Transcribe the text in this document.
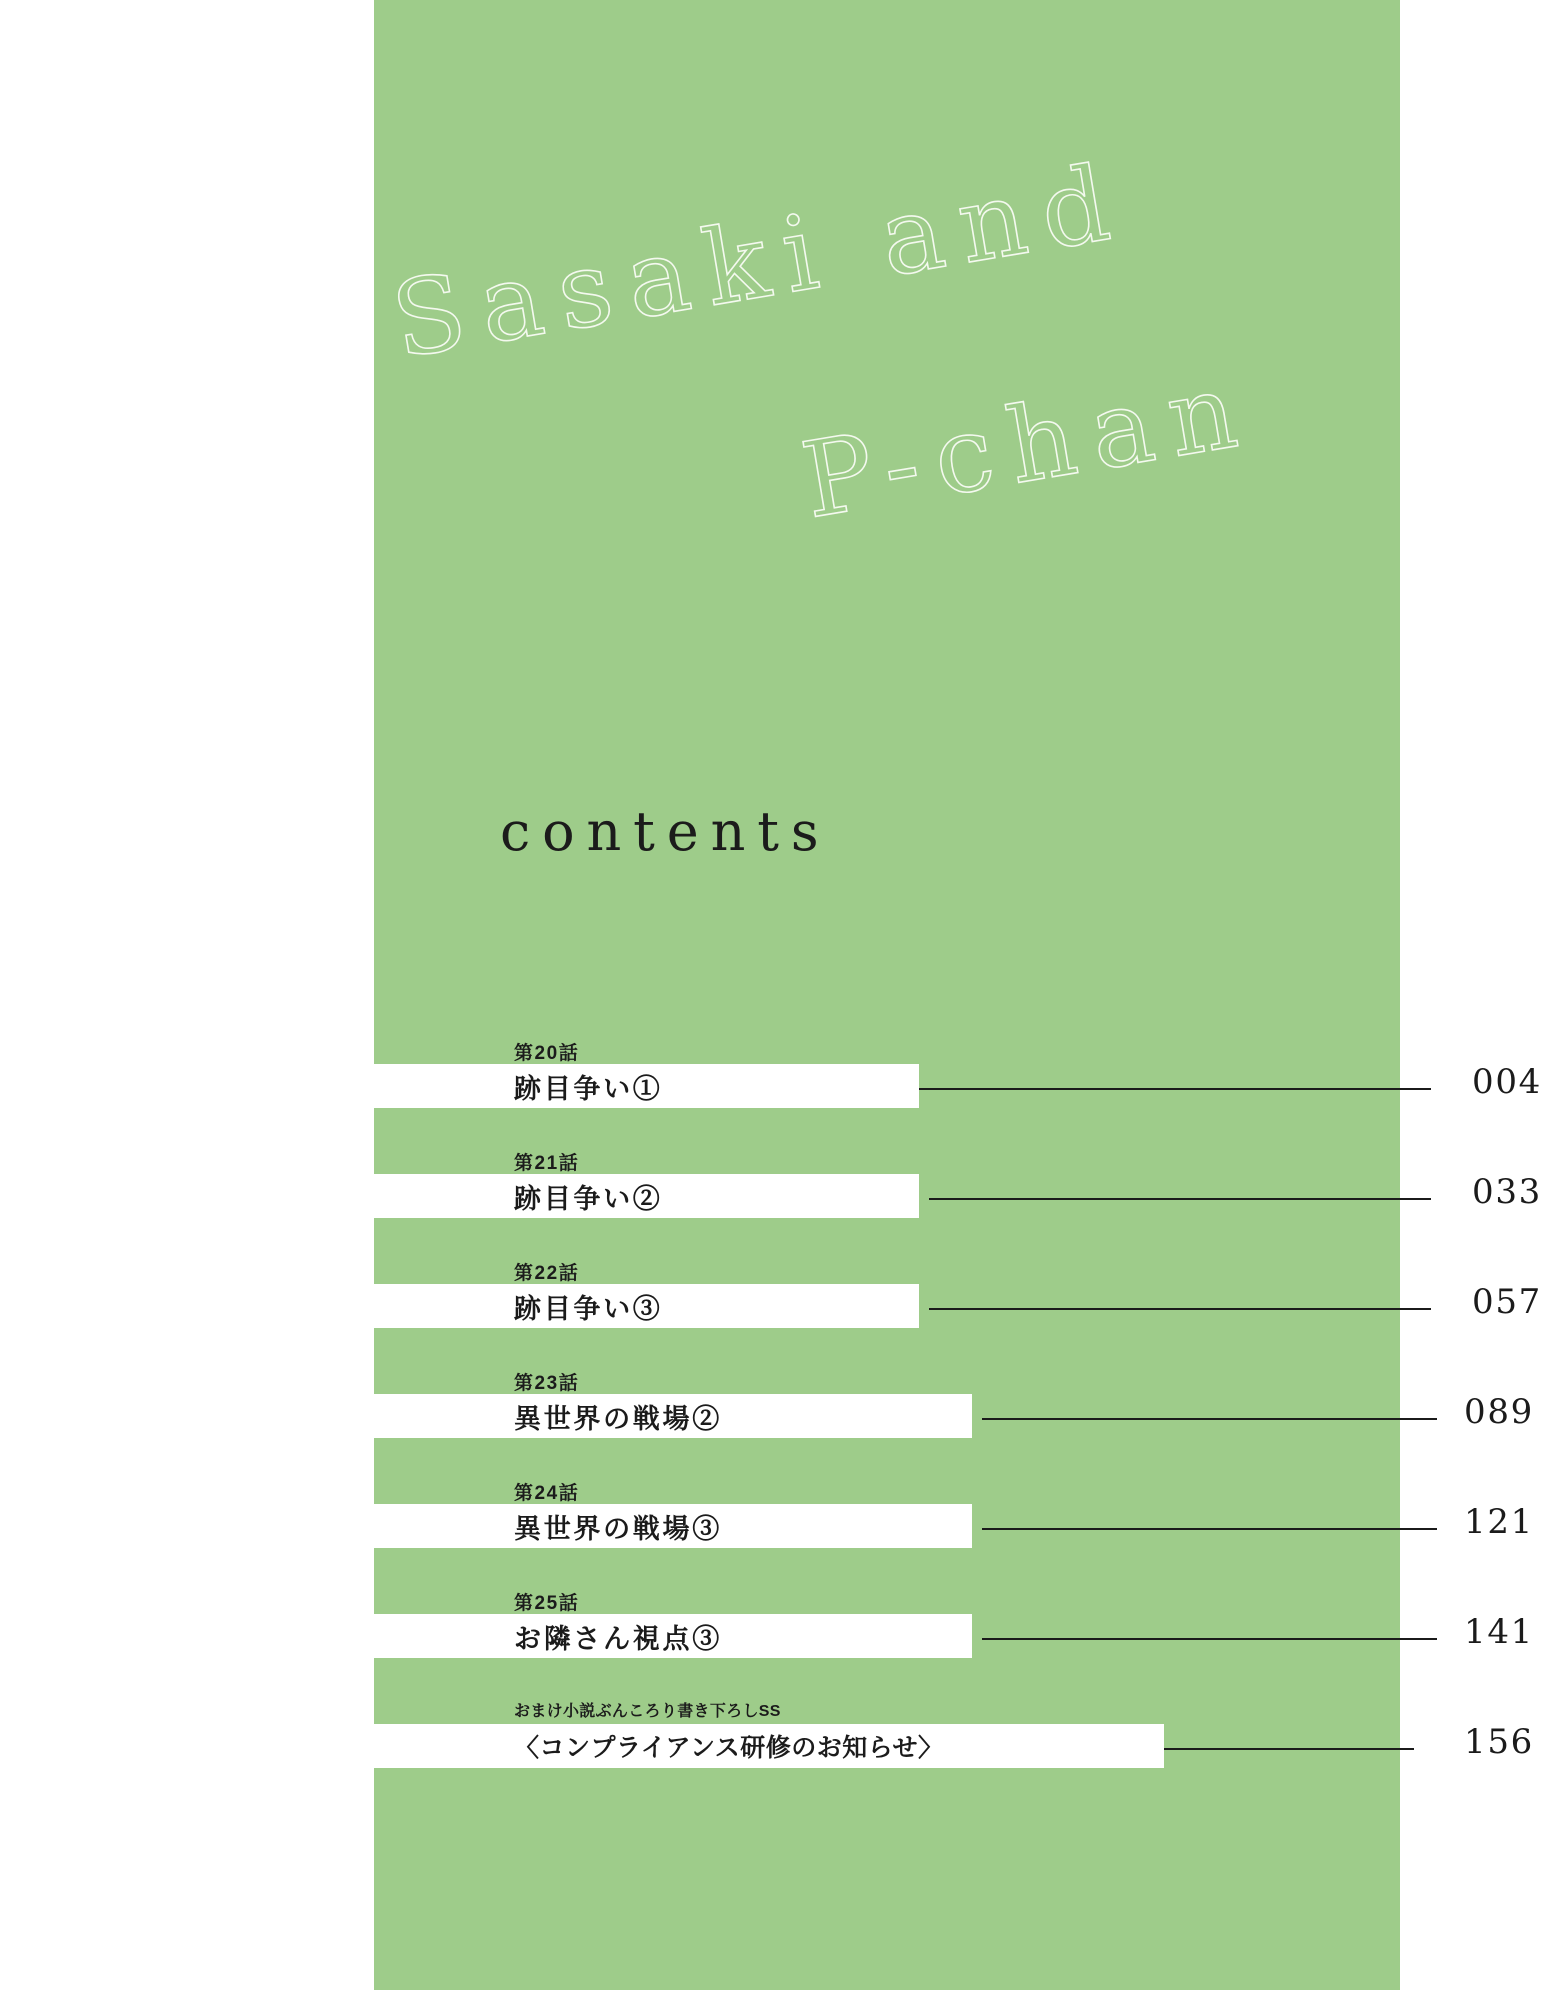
contents
第20話
跡目争い①	004
第21話
跡目争い②	033
第22話
跡目争い③	057
第23話
異世界の戦場②	089
第24話
異世界の戦場③	121
第25話
お隣さん視点③	141
おまけ小説ぶんころり書き下ろしSS
〈コンプライアンス研修のお知らせ〉	156
